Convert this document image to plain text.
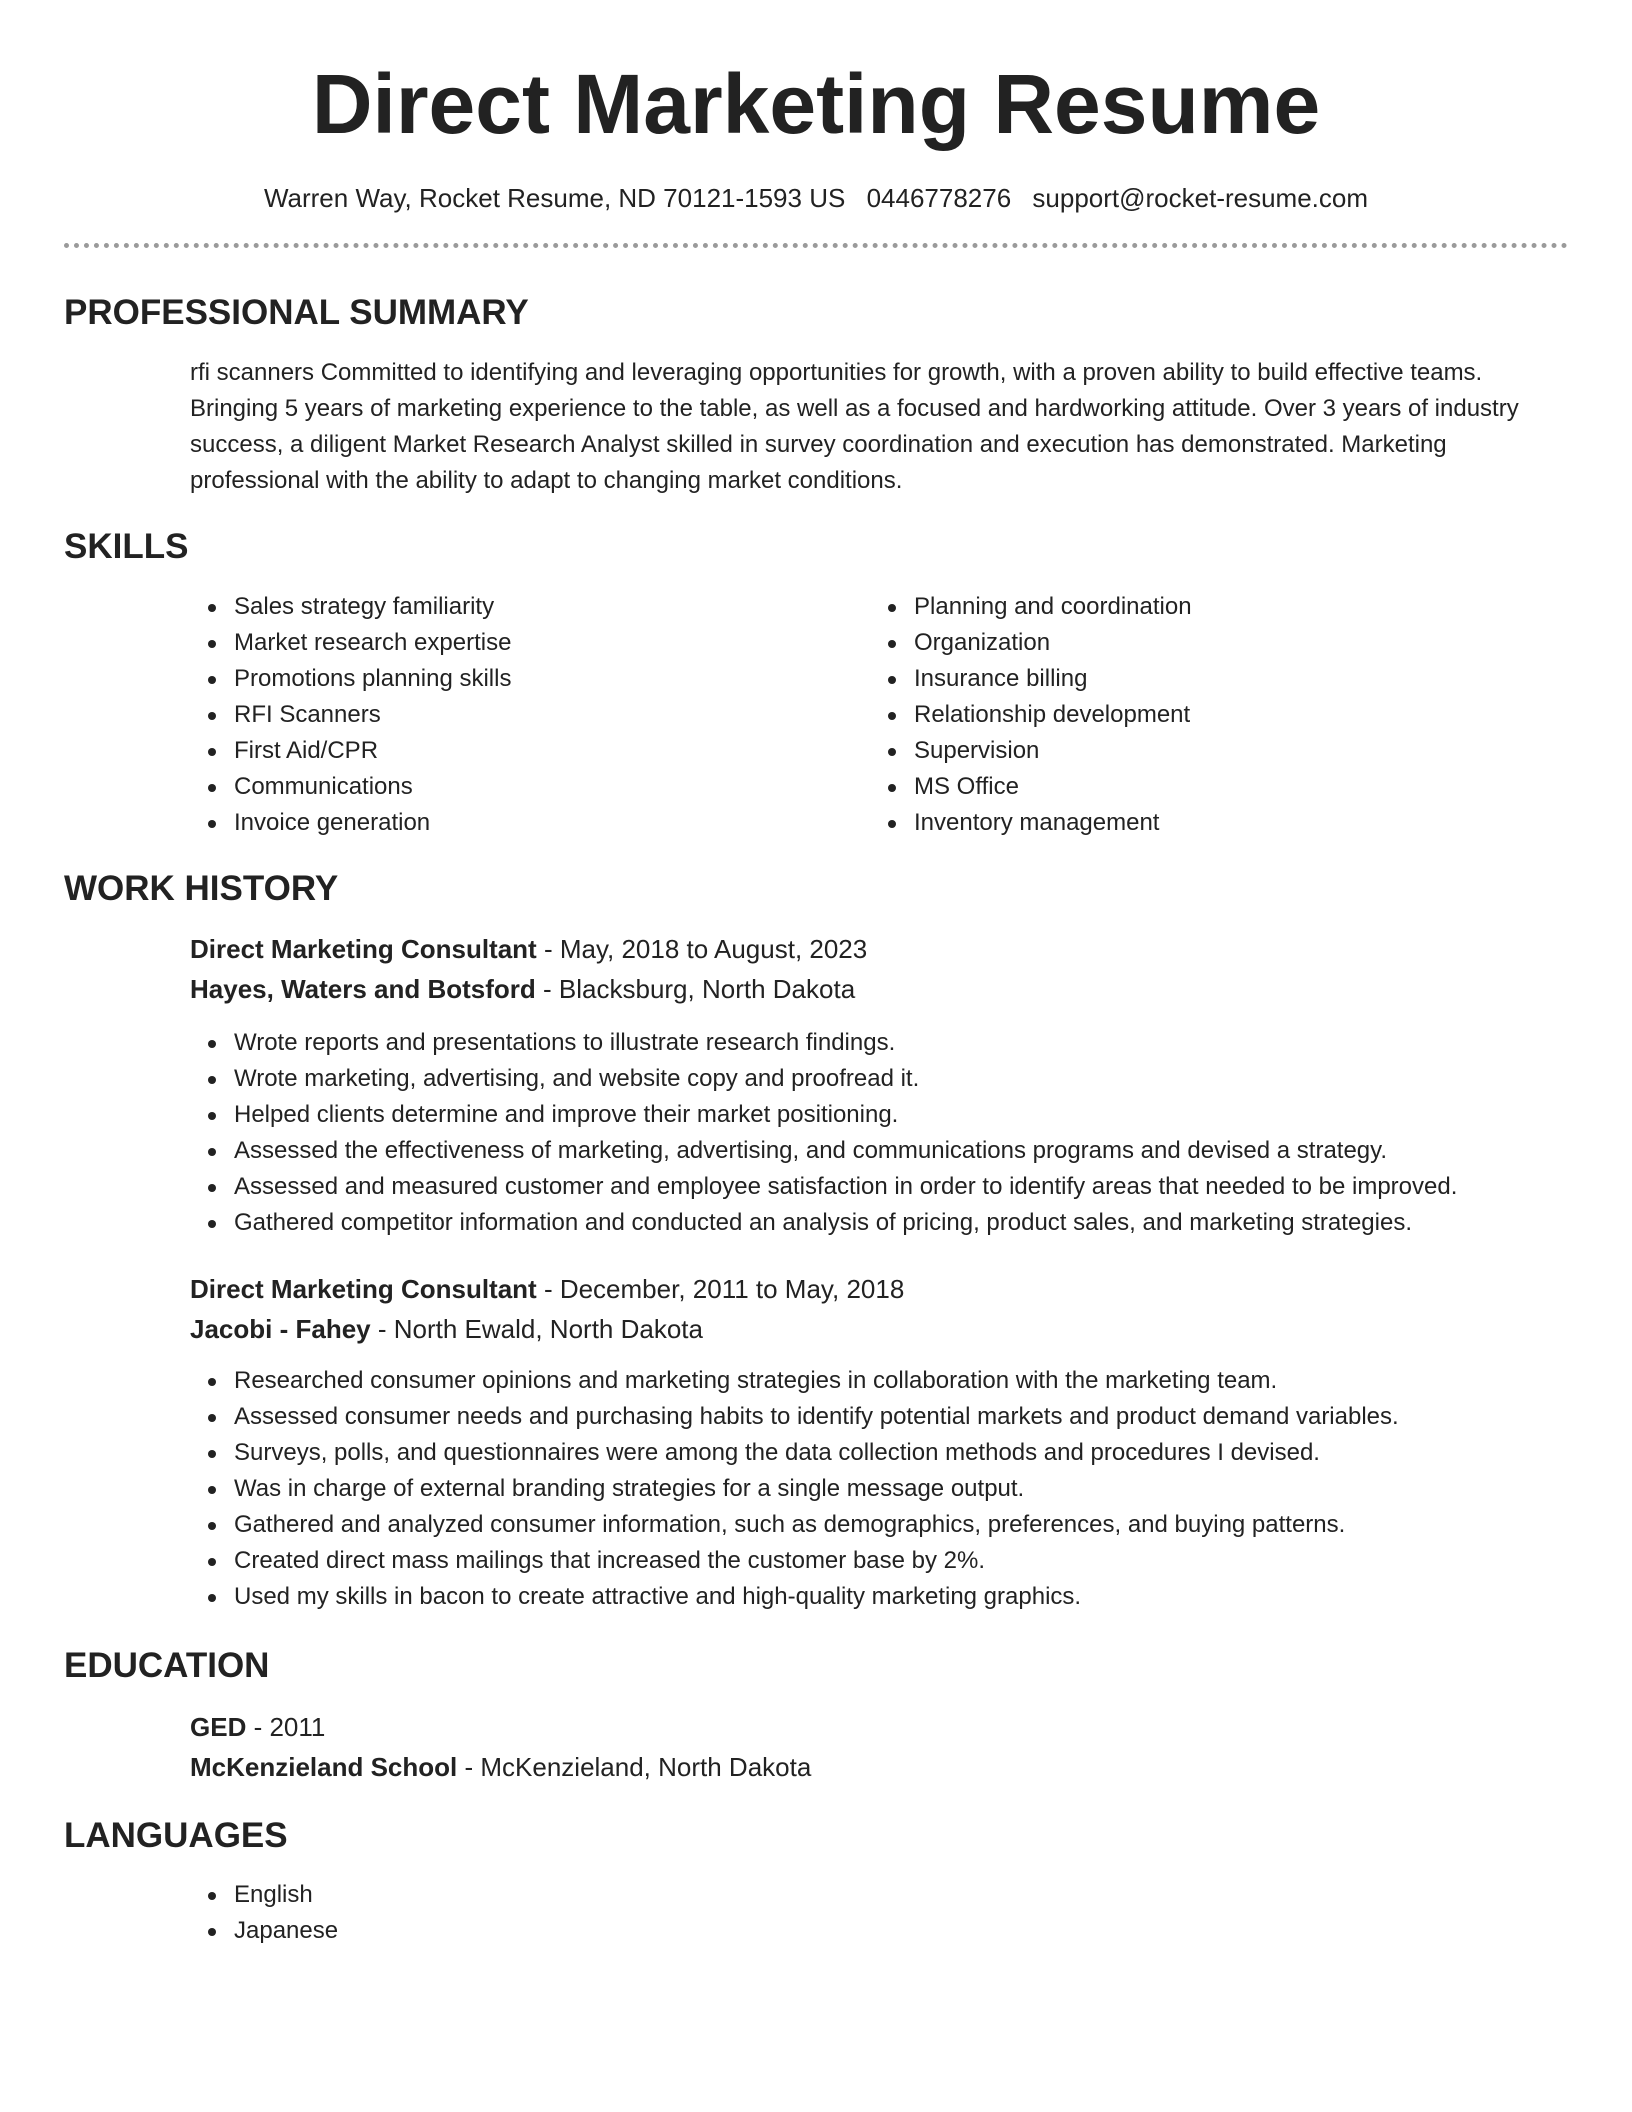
Direct Marketing Resume
Warren Way, Rocket Resume, ND 70121-1593 US 0446778276 support@rocket-resume.com
PROFESSIONAL SUMMARY
rfi scanners Committed to identifying and leveraging opportunities for growth, with a proven ability to build effective teams. Bringing 5 years of marketing experience to the table, as well as a focused and hardworking attitude. Over 3 years of industry success, a diligent Market Research Analyst skilled in survey coordination and execution has demonstrated. Marketing professional with the ability to adapt to changing market conditions.
SKILLS
Sales strategy familiarity
Market research expertise
Promotions planning skills
RFI Scanners
First Aid/CPR
Communications
Invoice generation
Planning and coordination
Organization
Insurance billing
Relationship development
Supervision
MS Office
Inventory management
WORK HISTORY
Direct Marketing Consultant - May, 2018 to August, 2023
Hayes, Waters and Botsford - Blacksburg, North Dakota
Wrote reports and presentations to illustrate research findings.
Wrote marketing, advertising, and website copy and proofread it.
Helped clients determine and improve their market positioning.
Assessed the effectiveness of marketing, advertising, and communications programs and devised a strategy.
Assessed and measured customer and employee satisfaction in order to identify areas that needed to be improved.
Gathered competitor information and conducted an analysis of pricing, product sales, and marketing strategies.
Direct Marketing Consultant - December, 2011 to May, 2018
Jacobi - Fahey - North Ewald, North Dakota
Researched consumer opinions and marketing strategies in collaboration with the marketing team.
Assessed consumer needs and purchasing habits to identify potential markets and product demand variables.
Surveys, polls, and questionnaires were among the data collection methods and procedures I devised.
Was in charge of external branding strategies for a single message output.
Gathered and analyzed consumer information, such as demographics, preferences, and buying patterns.
Created direct mass mailings that increased the customer base by 2%.
Used my skills in bacon to create attractive and high-quality marketing graphics.
EDUCATION
GED - 2011
McKenzieland School - McKenzieland, North Dakota
LANGUAGES
English
Japanese
